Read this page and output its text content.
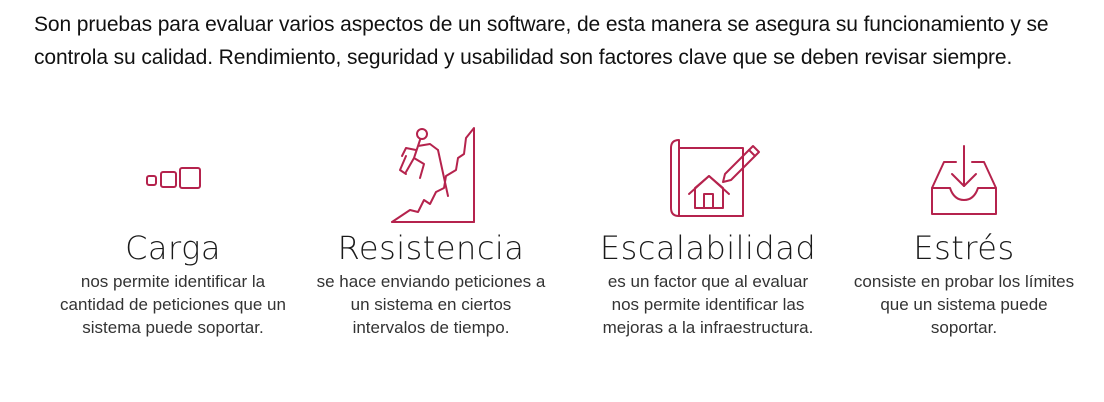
Son pruebas para evaluar varios aspectos de un software, de esta manera se asegura su funcionamiento y se controla su calidad. Rendimiento, seguridad y usabilidad son factores clave que se deben revisar siempre.

Carga
nos permite identificar la cantidad de peticiones que un sistema puede soportar.
Resistencia
se hace enviando peticiones a un sistema en ciertos intervalos de tiempo.
Escalabilidad
es un factor que al evaluar nos permite identificar las mejoras a la infraestructura.
Estrés
consiste en probar los límites que un sistema puede soportar.
